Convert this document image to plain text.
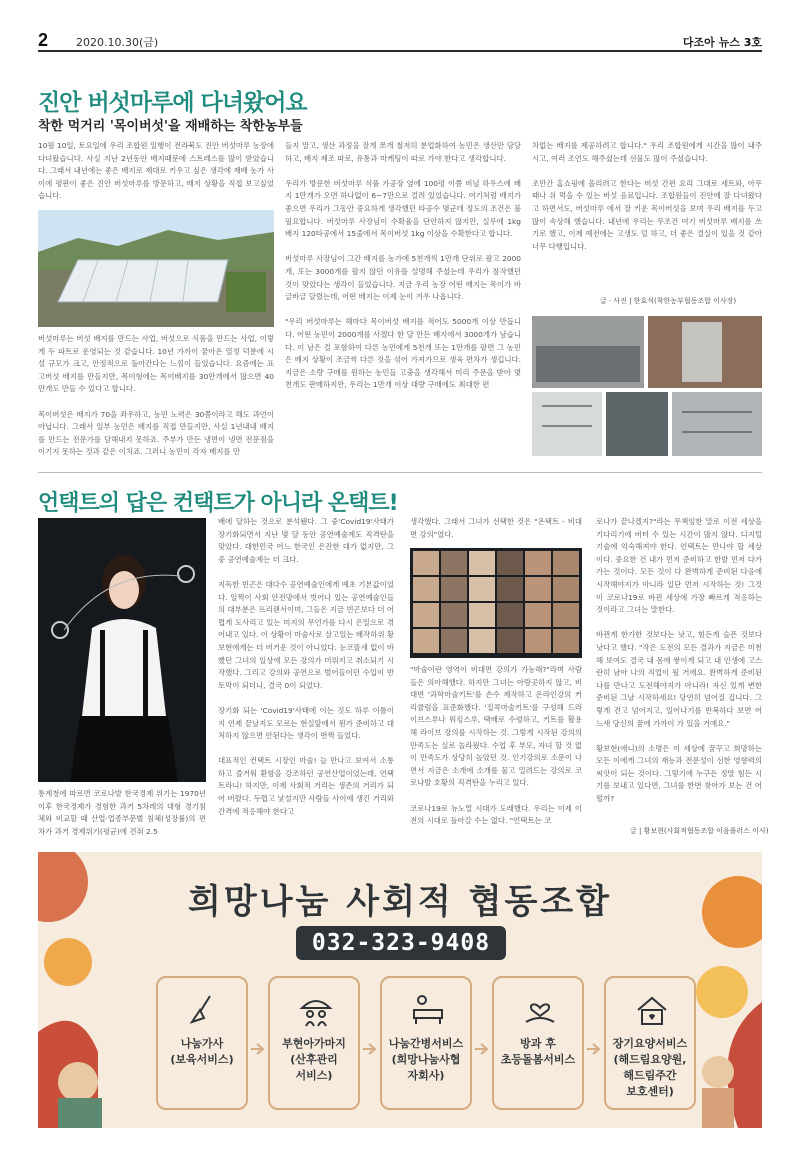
2	2020.10.30(금)	다조아 뉴스 3호
진안 버섯마루에 다녀왔어요
착한 먹거리 '목이버섯'을 재배하는 착한농부들

10월 10일, 토요일에 우리 조합원 일행이 전라북도 진안 버섯마루 농장에 다녀왔습니다. 사실 지난 2년동안 배지때문에 스트레스를 많이 받았습니다. 그래서 내년에는 좋은 배지로 제대로 키우고 싶은 생각에 재배 농가 사이에 평판이 좋은 진안 버섯마루를 방문하고, 배지 상황을 직접 보고싶었습니다.

버섯마루는 버섯 배지를 만드는 사업, 버섯으로 식품을 만드는 사업, 이렇게 두 파트로 운영되는 것 같습니다. 10년 가까이 꿈아온 열정 덕분에 시설 규모가 크고, 안정적으로 돌아간다는 느낌이 들었습니다. 요즘에는 표고버섯 배지를 만들지만, 목이형에는 목이배지를 30만개에서 많으면 40만개도 만들 수 있다고 합니다.

목이버섯은 배지가 70을 좌우하고, 농민 노력은 30쯤이라고 해도 과언이 아닙니다. 그래서 일부 농민은 배지를 직접 만들지만, 사실 1년내내 배지를 만드는 전문가를 담해내지 못하죠. 주부가 만든 냉면이 냉면 전문점을 이기지 못하는 것과 같은 이치죠. 그러니 농민이 각자 배지를 만

들지 말고, 생산 과정을 잘게 쪼개 철저히 분업화하여 농민은 생산만 담당하고, 배지 제조 따로, 유통과 마케팅이 따로 가야 한다고 생각합니다.

우리가 방문한 버섯마루 식품 가공장 옆에 100평 이쯤 비닐 하우스에 배지 1만개가 오면 하나없이 6~7만으로 걸려 있었습니다. 여기처럼 배지가 좋으면 우리가 그동안 중요하게 생각했던 타공수 몇군데 정도의 조건은 불필요합니다. 버섯마루 사장님이 수확율을 단언하지 않지만, 실무에 1kg 배지 120타공에서 15줄에서 목이버섯 1kg 이상을 수확한다고 합니다.

버섯마루 사장님이 그간 배지를 농가에 5천개씩 1만개 단위로 팔고 2000개, 또는 3000개를 팔지 않던 이유를 설명해 주셨는데 우리가 잠작했던 것이 맞았다는 생각이 들었습니다. 지금 우리 농장 어떤 배지는 목이가 바글바글 달렸는데, 어떤 배지는 이제 눈이 겨우 나옵니다.

"우리 버섯마루는 해마다 목이버섯 배지를 적어도 5000개 이상 만듭니다. 어떤 농민이 2000개를 사겠다 한 달 만든 배지에서 3000개가 남습니다. 이 남은 걸 포함하여 다른 농민에게 5천개 또는 1만개를 팔면 그 농민은 배지 상황이 조금씩 다른 것을 섞어 가져가므로 생육 편차가 생깁니다. 지금은 소량 구매를 원하는 농민들 고충을 생각해서 미리 주문을 받아 몇 천개도 판매하지만, 우리는 1만개 이상 대량 구매에도 최대한 편

차없는 배지를 제공하려고 합니다." 우리 조합원에게 시간을 많이 내주시고, 여러 조언도 해주셨는데 선물도 많이 주셨습니다.

조만간 홈쇼핑에 올리려고 한다는 버섯 간편 요리 그대로 세트와, 아무 때나 쉬 먹을 수 있는 버섯 음료입니다. 조합원들이 진안에 잘 다녀왔다고 하면서도, 버섯마루 에서 잘 키운 목이버섯을 보며 우리 배지를 두고 많이 속상해 했습니다. 내년에 우리는 무조건 여기 버섯마루 배지를 쓰기로 했고, 이제 예전에는 고생도 덜 하고, 더 좋은 결실이 있을 것 같아 너무 다행입니다.

글 · 사진 | 한효석(착한농부협동조합 이사장)
언택트의 답은 컨택트가 아니라 온택트!

통계청에 따르면 코로나발 한국경제 위기는 1970년 이후 한국경제가 경험한 과거 5차례의 대형 경기침체와 비교할 때 산업·업종부문별 침체(성장률)의 편차가 과거 경제위기(평균)에 견줘 2.5

배에 달하는 것으로 분석됐다. 그 중'Covid19'사태가 장기화되면서 지난 몇 달 동안 공연예술계도 직격탄을 맞았다. 대한민국 어느 한국인 은잔한 대가 없지만, 그 중 공연예술계는 더 크다.

지독한 빈곤은 대다수 공연예술인에게 예초 기본값이었다. 일찍이 사회 안전망에서 벗어나 있는 공연예술인들의 대부분은 프리랜서이며, 그들은 지금 빈곤보다 더 어렵게 도사리고 있는 미지의 무언가를 다시 은밀으로 겪어내고 있다. 이 상황이 마술사로 살고있는 배작하위 황보현에게는 더 버거운 것이 아니었다. 눈코뜰새 없이 바빴던 그녀의 일상에 모든 강의가 미뤄지고 취소되기 시작했다. 그리고 강의와 공연으로 벌어들이던 수입이 반토막이 되더니, 결국 0이 되었다.

장기화 되는 'Covid19'사태에 이는 것도 하루 이틀이지 언제 끝날지도 모르는 현실앞에서 뭔가 준비하고 대처하지 않으면 안된다는 생각이 번쩍 들었다.

대표적인 컨택트 시장인 마술! 늘 만나고 보여서 소통하고 즐거워 환함을 강조하던 공연산업이었는데, 언택트라니! 하지만, 이제 사회적 거리는 생존의 거리가 되어 버렸다. 두렵고 낯설지만 사람들 사이에 생긴 거리와 간격에 적응해야 한다고

생각했다. 그래서 그녀가 선택한 것은 "온택트 - 비대면 강의"였다.

"마술이란 영역이 비대면 강의가 가능해?"라며 사람들은 의아해했다. 하지만 그녀는 아랑곳하지 않고, 비대면 '과학마술키트'를 손수 제작하고 온라인강의 커리큘럼을 표준화했다. '집콕마술키트'를 구성해 드라이브스루나 워킹스루, 택배로 수령하고, 키트를 활용해 라이브 강의를 시작하는 것. 그렇게 시작된 강의의 만족도는 실로 놀라웠다. 수업 후 부모, 자녀 할 것 없이 만족도가 상당히 높았던 것. 인기강의로 소문이 나면서 지금은 소개에 소개를 물고 밀려드는 강의로 코로나발 호황의 직격탄을 누리고 있다.

코로나19로 뉴노멀 시대가 도래했다. 우리는 이제 이전의 시대로 돌아갈 수는 없다. "언택트는 코

로나가 끝나겠지?"라는 무책임한 말로 이전 세상을 기다리기에 버텨 수 있는 시간이 많지 않다. 디지털 기술에 익숙해져야 한다. 언택트는 만나야 할 세상이다. 중요한 건 내가 먼저 준비하고 한발 먼저 다가가는 것이다. 모든 것이 다 완벽하게 준비된 다음에 시작해야지가 아니라 일단 먼저 시작하는 것! 그것이 코로나19로 바뀐 세상에 가장 빠르게 적응하는 것이라고 그녀는 말한다.

바뀐게 한가한 것보다는 낫고, 힘든게 슬픈 것보다 낫다고 했다. "작은 도전의 모든 결과가 지금은 미천해 보여도 결국 내 몸에 쌓이게 되고 내 인생에 고스란히 남아 나의 직업이 될 거에요. 완벽하게 준비된 나를 만나고 도전해야지가 아니라! 자신 있게 변한 준비된 그날 시작하세요! 당연히 넘어질 겁니다. 그렇게 견고 넘어지고, 일어나기를 반복하다 보면 어느새 당신의 꿈에 가까이 가 있을 거에요."

황보현(애니)의 소명은 이 세상에 꿈꾸고 희망하는 모든 이에게 그녀의 재능과 전문성이 선한 영향력의 씨앗이 되는 것이다. 그렇기에 누구든 정말 힘든 시기를 보내고 있다면, 그녀를 한번 찾아가 보는 건 어떨까?

글 | 황보현(사회적협동조합 이음플러스 이사)
희망나눔 사회적 협동조합
032-323-9408
나눔가사
(보육서비스)
부현아가마지
(산후관리
서비스)
나눔간병서비스
(희망나눔사협
자회사)
방과 후
초등돌봄서비스
장기요양서비스
(해드림요양원,
해드림주간
보호센터)
